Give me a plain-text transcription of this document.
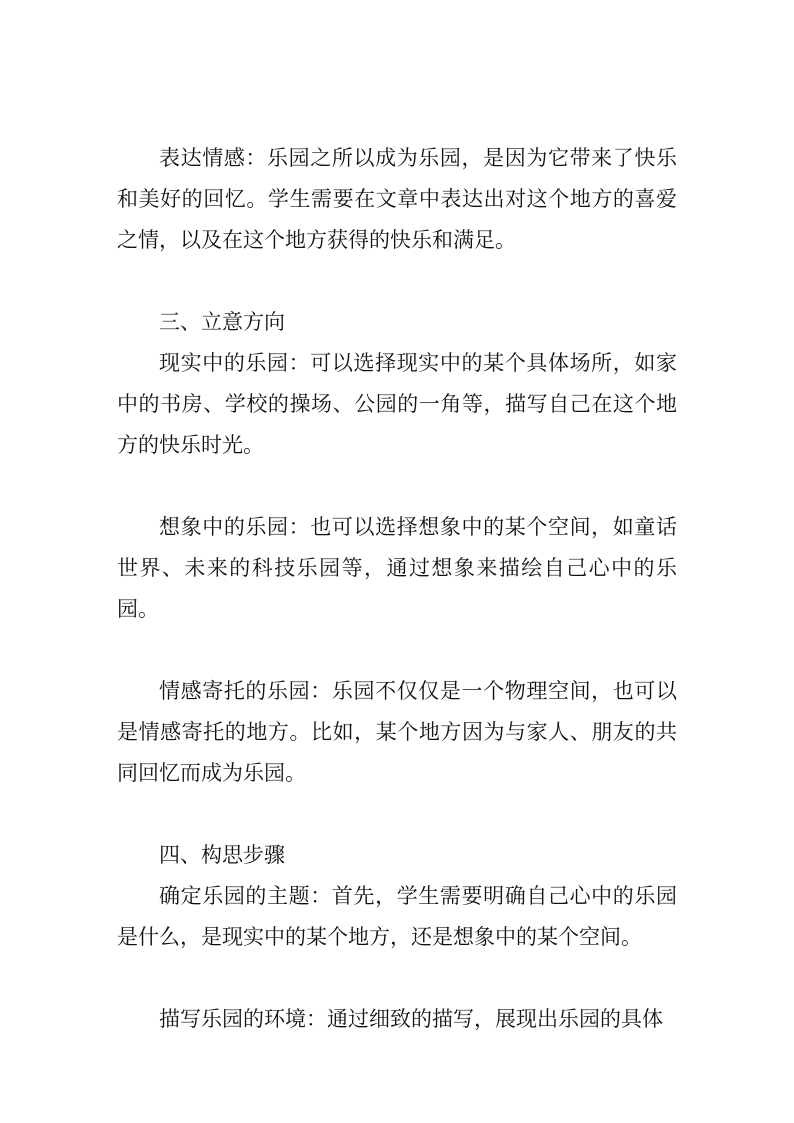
表达情感：乐园之所以成为乐园，是因为它带来了快乐和美好的回忆。学生需要在文章中表达出对这个地方的喜爱之情，以及在这个地方获得的快乐和满足。

三、立意方向

现实中的乐园：可以选择现实中的某个具体场所，如家中的书房、学校的操场、公园的一角等，描写自己在这个地方的快乐时光。

想象中的乐园：也可以选择想象中的某个空间，如童话世界、未来的科技乐园等，通过想象来描绘自己心中的乐园。

情感寄托的乐园：乐园不仅仅是一个物理空间，也可以是情感寄托的地方。比如，某个地方因为与家人、朋友的共同回忆而成为乐园。

四、构思步骤

确定乐园的主题：首先，学生需要明确自己心中的乐园是什么，是现实中的某个地方，还是想象中的某个空间。

描写乐园的环境：通过细致的描写，展现出乐园的具体
